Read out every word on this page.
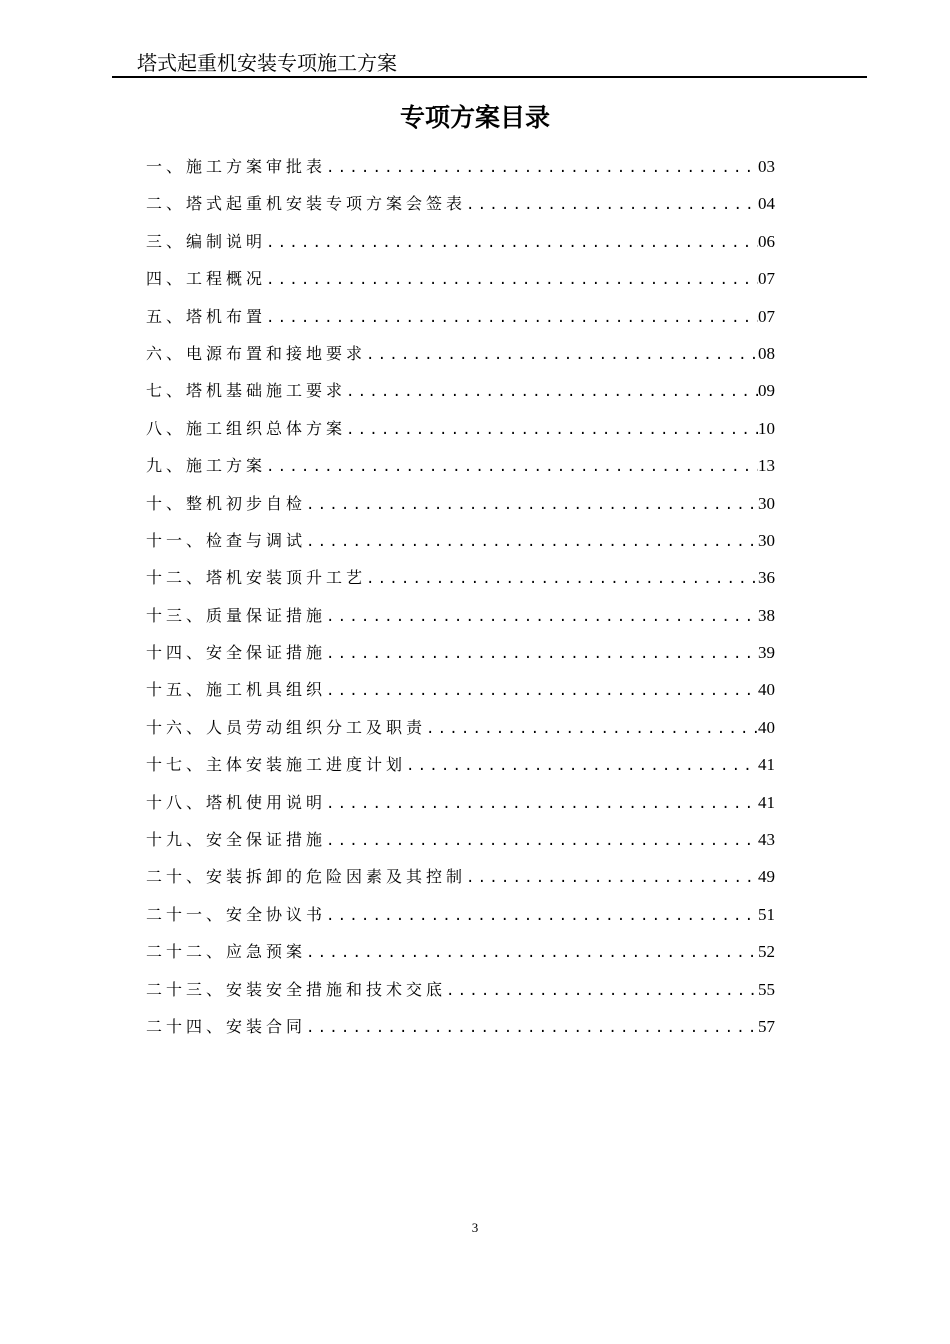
塔式起重机安装专项施工方案
专项方案目录
一、施工方案审批表 .....	03
二、塔式起重机安装专项方案会签表 .....	04
三、编制说明 .....	06
四、工程概况 .....	07
五、塔机布置 .....	07
六、电源布置和接地要求 .....	08
七、塔机基础施工要求 .....	09
八、施工组织总体方案 .....	10
九、施工方案 .....	13
十、整机初步自检 .....	30
十一、检查与调试 .....	30
十二、塔机安装顶升工艺 .....	36
十三、质量保证措施 .....	38
十四、安全保证措施 .....	39
十五、施工机具组织 .....	40
十六、人员劳动组织分工及职责 .....	40
十七、主体安装施工进度计划 .....	41
十八、塔机使用说明 .....	41
十九、安全保证措施 .....	43
二十、安装拆卸的危险因素及其控制 .....	49
二十一、安全协议书 .....	51
二十二、应急预案 .....	52
二十三、安装安全措施和技术交底 .....	55
二十四、安装合同 .....	57
3
